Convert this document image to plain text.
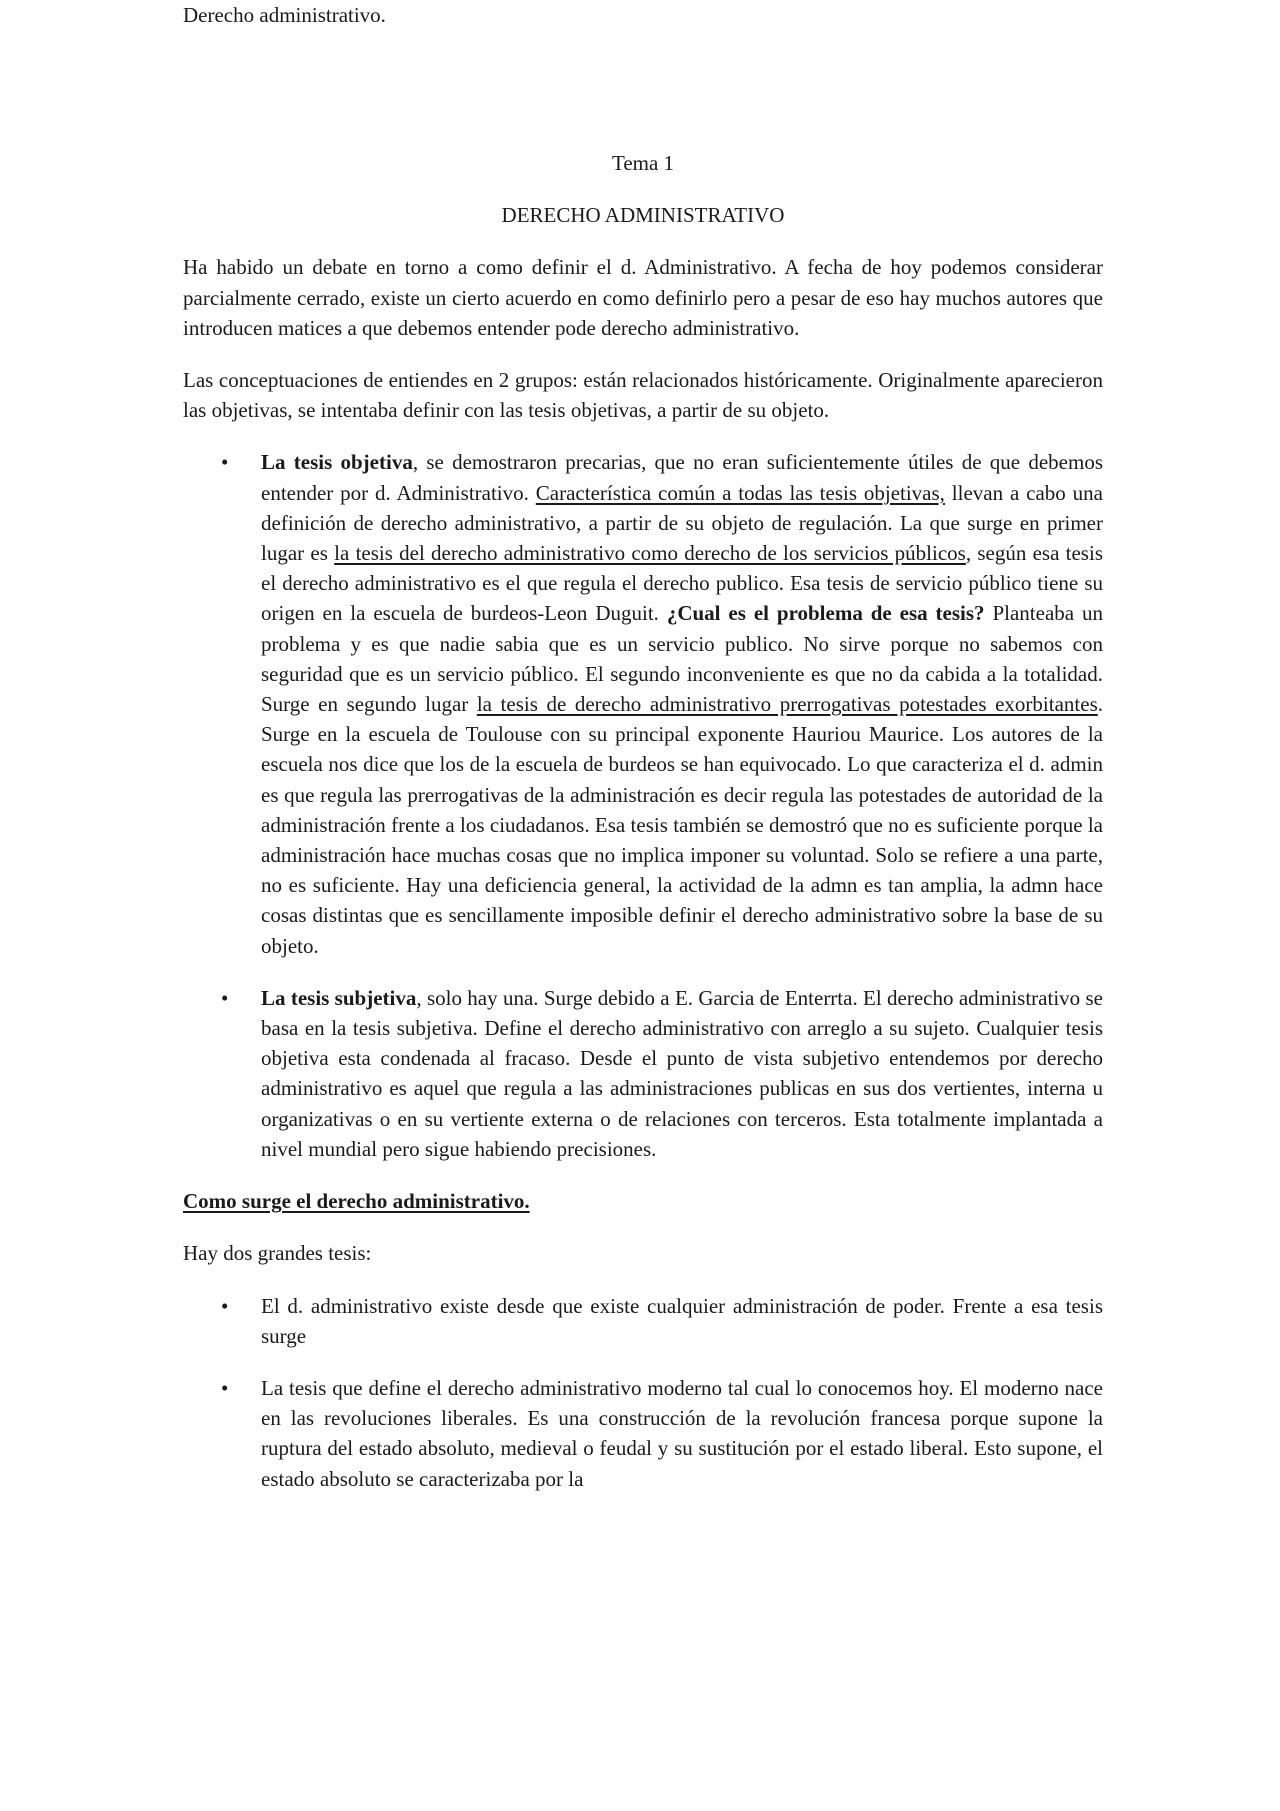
Derecho administrativo.

Tema 1

DERECHO ADMINISTRATIVO

Ha habido un debate en torno a como definir el d. Administrativo. A fecha de hoy podemos considerar parcialmente cerrado, existe un cierto acuerdo en como definirlo pero a pesar de eso hay muchos autores que introducen matices a que debemos entender pode derecho administrativo.

Las conceptuaciones de entiendes en 2 grupos: están relacionados históricamente. Originalmente aparecieron las objetivas, se intentaba definir con las tesis objetivas, a partir de su objeto.

• La tesis objetiva, se demostraron precarias, que no eran suficientemente útiles de que debemos entender por d. Administrativo. Característica común a todas las tesis objetivas, llevan a cabo una definición de derecho administrativo, a partir de su objeto de regulación. La que surge en primer lugar es la tesis del derecho administrativo como derecho de los servicios públicos, según esa tesis el derecho administrativo es el que regula el derecho publico. Esa tesis de servicio público tiene su origen en la escuela de burdeos-Leon Duguit. ¿Cual es el problema de esa tesis? Planteaba un problema y es que nadie sabia que es un servicio publico. No sirve porque no sabemos con seguridad que es un servicio público. El segundo inconveniente es que no da cabida a la totalidad. Surge en segundo lugar la tesis de derecho administrativo prerrogativas potestades exorbitantes. Surge en la escuela de Toulouse con su principal exponente Hauriou Maurice. Los autores de la escuela nos dice que los de la escuela de burdeos se han equivocado. Lo que caracteriza el d. admin es que regula las prerrogativas de la administración es decir regula las potestades de autoridad de la administración frente a los ciudadanos. Esa tesis también se demostró que no es suficiente porque la administración hace muchas cosas que no implica imponer su voluntad. Solo se refiere a una parte, no es suficiente. Hay una deficiencia general, la actividad de la admn es tan amplia, la admn hace cosas distintas que es sencillamente imposible definir el derecho administrativo sobre la base de su objeto.
• La tesis subjetiva, solo hay una. Surge debido a E. Garcia de Enterrta. El derecho administrativo se basa en la tesis subjetiva. Define el derecho administrativo con arreglo a su sujeto. Cualquier tesis objetiva esta condenada al fracaso. Desde el punto de vista subjetivo entendemos por derecho administrativo es aquel que regula a las administraciones publicas en sus dos vertientes, interna u organizativas o en su vertiente externa o de relaciones con terceros. Esta totalmente implantada a nivel mundial pero sigue habiendo precisiones.
Como surge el derecho administrativo.

Hay dos grandes tesis:

• El d. administrativo existe desde que existe cualquier administración de poder. Frente a esa tesis surge
• La tesis que define el derecho administrativo moderno tal cual lo conocemos hoy. El moderno nace en las revoluciones liberales. Es una construcción de la revolución francesa porque supone la ruptura del estado absoluto, medieval o feudal y su sustitución por el estado liberal. Esto supone, el estado absoluto se caracterizaba por la
